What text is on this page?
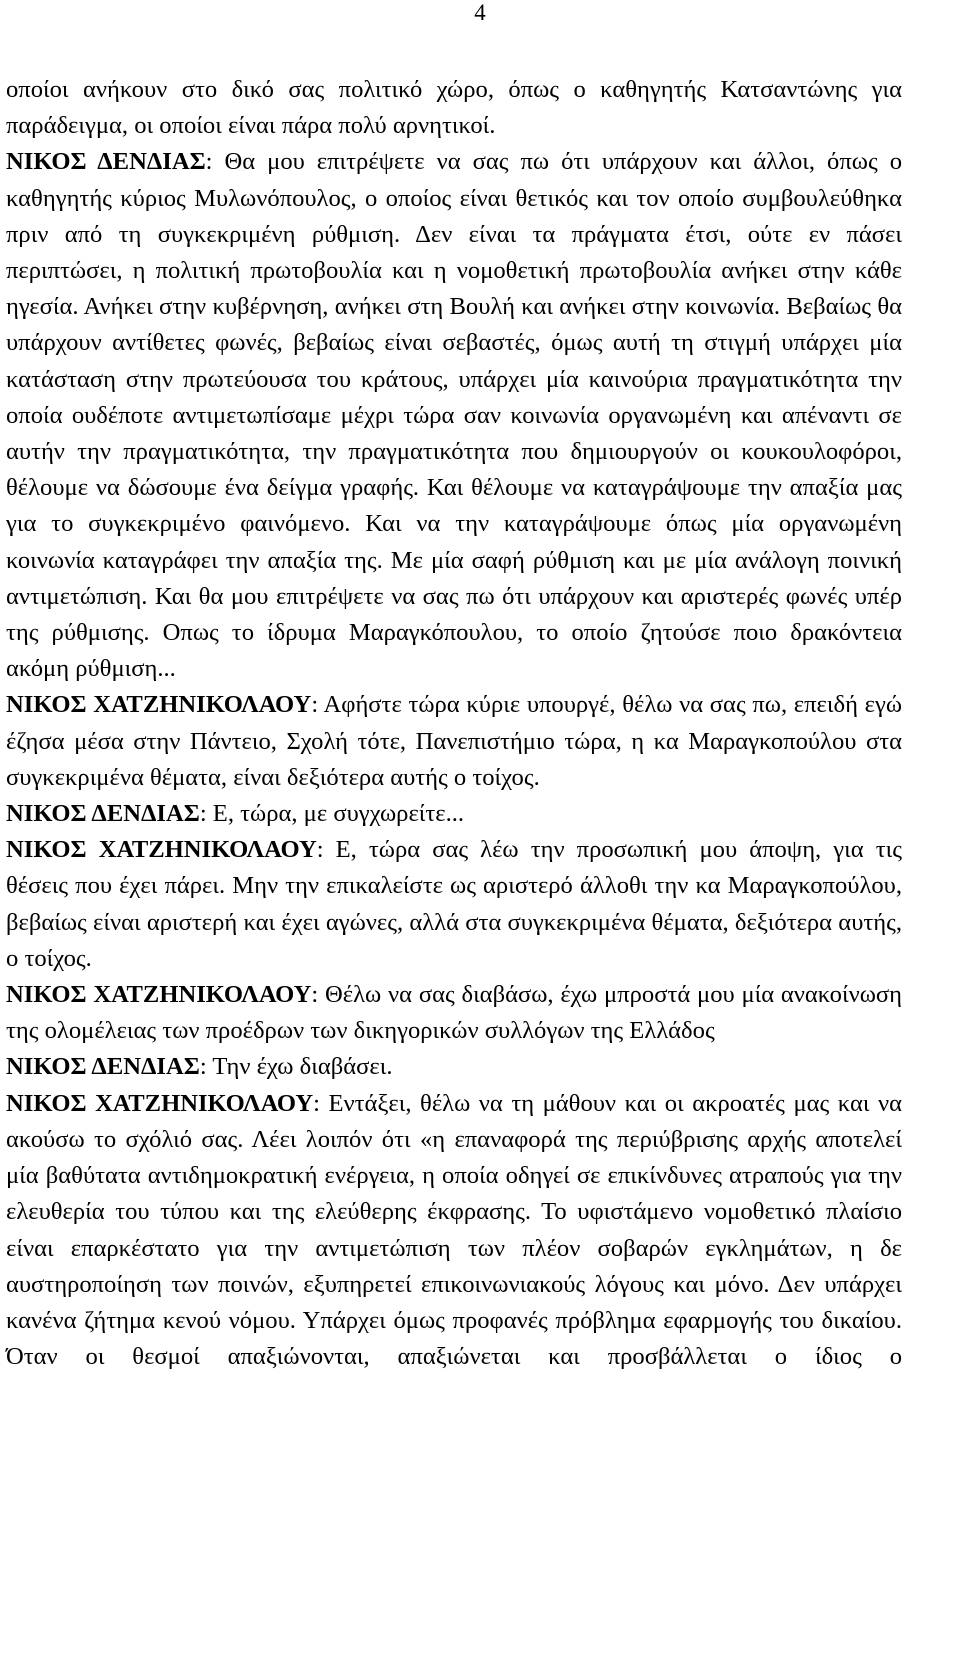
4

οποίοι ανήκουν στο δικό σας πολιτικό χώρο, όπως ο καθηγητής Κατσαντώνης για παράδειγμα, οι οποίοι είναι πάρα πολύ αρνητικοί.

ΝΙΚΟΣ ΔΕΝΔΙΑΣ: Θα μου επιτρέψετε να σας πω ότι υπάρχουν και άλλοι, όπως ο καθηγητής κύριος Μυλωνόπουλος, ο οποίος είναι θετικός και τον οποίο συμβουλεύθηκα πριν από τη συγκεκριμένη ρύθμιση. Δεν είναι τα πράγματα έτσι, ούτε εν πάσει περιπτώσει, η πολιτική πρωτοβουλία και η νομοθετική πρωτοβουλία ανήκει στην κάθε ηγεσία. Ανήκει στην κυβέρνηση, ανήκει στη Βουλή και ανήκει στην κοινωνία. Βεβαίως θα υπάρχουν αντίθετες φωνές, βεβαίως είναι σεβαστές, όμως αυτή τη στιγμή υπάρχει μία κατάσταση στην πρωτεύουσα του κράτους, υπάρχει μία καινούρια πραγματικότητα την οποία ουδέποτε αντιμετωπίσαμε μέχρι τώρα σαν κοινωνία οργανωμένη και απέναντι σε αυτήν την πραγματικότητα, την πραγματικότητα που δημιουργούν οι κουκουλοφόροι, θέλουμε να δώσουμε ένα δείγμα γραφής. Και θέλουμε να καταγράψουμε την απαξία μας για το συγκεκριμένο φαινόμενο. Και να την καταγράψουμε όπως μία οργανωμένη κοινωνία καταγράφει την απαξία της. Με μία σαφή ρύθμιση και με μία ανάλογη ποινική αντιμετώπιση. Και θα μου επιτρέψετε να σας πω ότι υπάρχουν και αριστερές φωνές υπέρ της ρύθμισης. Οπως το ίδρυμα Μαραγκόπουλου, το οποίο ζητούσε ποιο δρακόντεια ακόμη ρύθμιση...

ΝΙΚΟΣ ΧΑΤΖΗΝΙΚΟΛΑΟΥ: Αφήστε τώρα κύριε υπουργέ, θέλω να σας πω, επειδή εγώ έζησα μέσα στην Πάντειο, Σχολή τότε, Πανεπιστήμιο τώρα, η κα Μαραγκοπούλου στα συγκεκριμένα θέματα, είναι δεξιότερα αυτής ο τοίχος.

ΝΙΚΟΣ ΔΕΝΔΙΑΣ: Ε, τώρα, με συγχωρείτε...

ΝΙΚΟΣ ΧΑΤΖΗΝΙΚΟΛΑΟΥ: Ε, τώρα σας λέω την προσωπική μου άποψη, για τις θέσεις που έχει πάρει. Μην την επικαλείστε ως αριστερό άλλοθι την κα Μαραγκοπούλου, βεβαίως είναι αριστερή και έχει αγώνες, αλλά στα συγκεκριμένα θέματα, δεξιότερα αυτής, ο τοίχος.

ΝΙΚΟΣ ΧΑΤΖΗΝΙΚΟΛΑΟΥ: Θέλω να σας διαβάσω, έχω μπροστά μου μία ανακοίνωση της ολομέλειας των προέδρων των δικηγορικών συλλόγων της Ελλάδος

ΝΙΚΟΣ ΔΕΝΔΙΑΣ: Την έχω διαβάσει.

ΝΙΚΟΣ ΧΑΤΖΗΝΙΚΟΛΑΟΥ: Εντάξει, θέλω να τη μάθουν και οι ακροατές μας και να ακούσω το σχόλιό σας. Λέει λοιπόν ότι «η επαναφορά της περιύβρισης αρχής αποτελεί μία βαθύτατα αντιδημοκρατική ενέργεια, η οποία οδηγεί σε επικίνδυνες ατραπούς για την ελευθερία του τύπου και της ελεύθερης έκφρασης. Το υφιστάμενο νομοθετικό πλαίσιο είναι επαρκέστατο για την αντιμετώπιση των πλέον σοβαρών εγκλημάτων, η δε αυστηροποίηση των ποινών, εξυπηρετεί επικοινωνιακούς λόγους και μόνο. Δεν υπάρχει κανένα ζήτημα κενού νόμου. Υπάρχει όμως προφανές πρόβλημα εφαρμογής του δικαίου. Όταν οι θεσμοί απαξιώνονται, απαξιώνεται και προσβάλλεται ο ίδιος ο
